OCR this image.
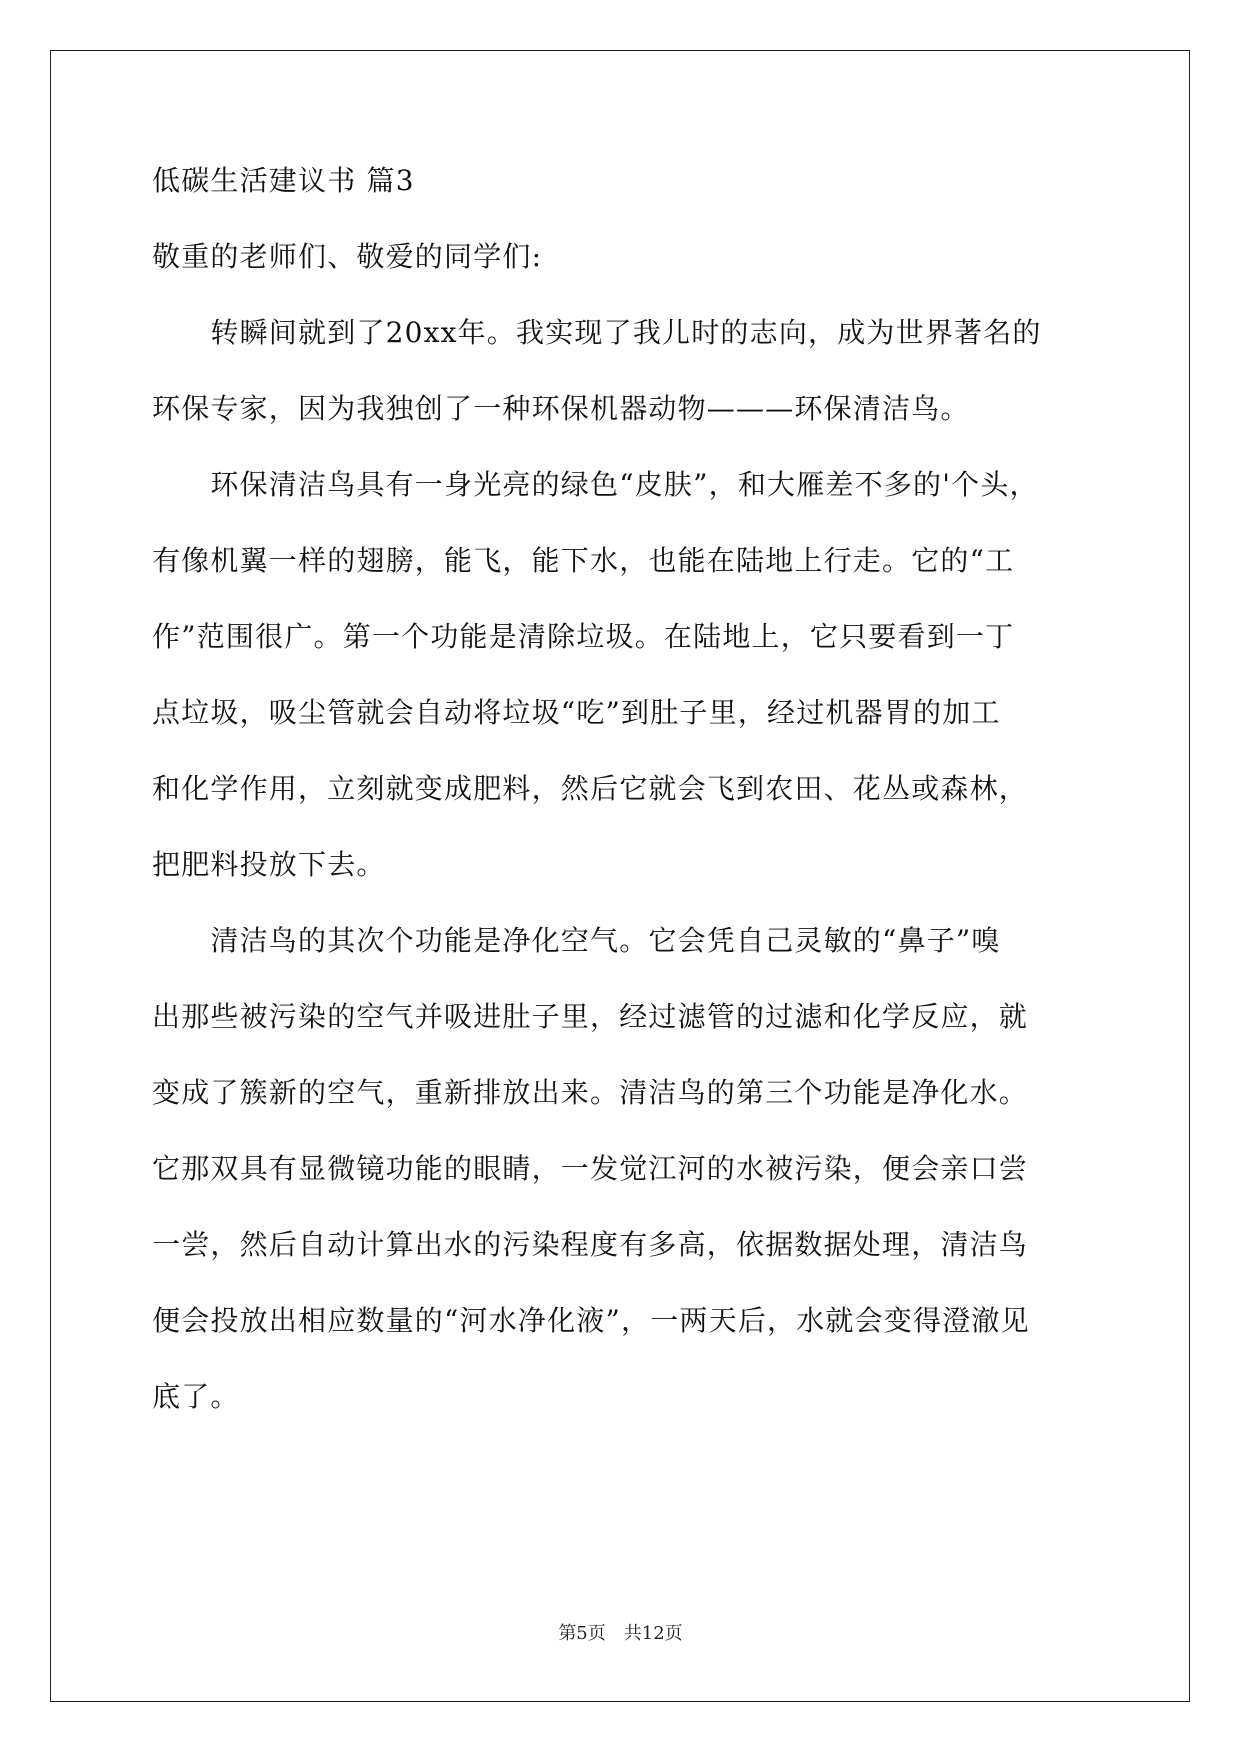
低碳生活建议书 篇3
敬重的老师们、敬爱的同学们:
　　转瞬间就到了20xx年。我实现了我儿时的志向，成为世界著名的
环保专家，因为我独创了一种环保机器动物———环保清洁鸟。
　　环保清洁鸟具有一身光亮的绿色“皮肤”，和大雁差不多的'个头，
有像机翼一样的翅膀，能飞，能下水，也能在陆地上行走。它的“工
作”范围很广。第一个功能是清除垃圾。在陆地上，它只要看到一丁
点垃圾，吸尘管就会自动将垃圾“吃”到肚子里，经过机器胃的加工
和化学作用，立刻就变成肥料，然后它就会飞到农田、花丛或森林，
把肥料投放下去。
　　清洁鸟的其次个功能是净化空气。它会凭自己灵敏的“鼻子”嗅
出那些被污染的空气并吸进肚子里，经过滤管的过滤和化学反应，就
变成了簇新的空气，重新排放出来。清洁鸟的第三个功能是净化水。
它那双具有显微镜功能的眼睛，一发觉江河的水被污染，便会亲口尝
一尝，然后自动计算出水的污染程度有多高，依据数据处理，清洁鸟
便会投放出相应数量的“河水净化液”，一两天后，水就会变得澄澈见
底了。
第5页　共12页
